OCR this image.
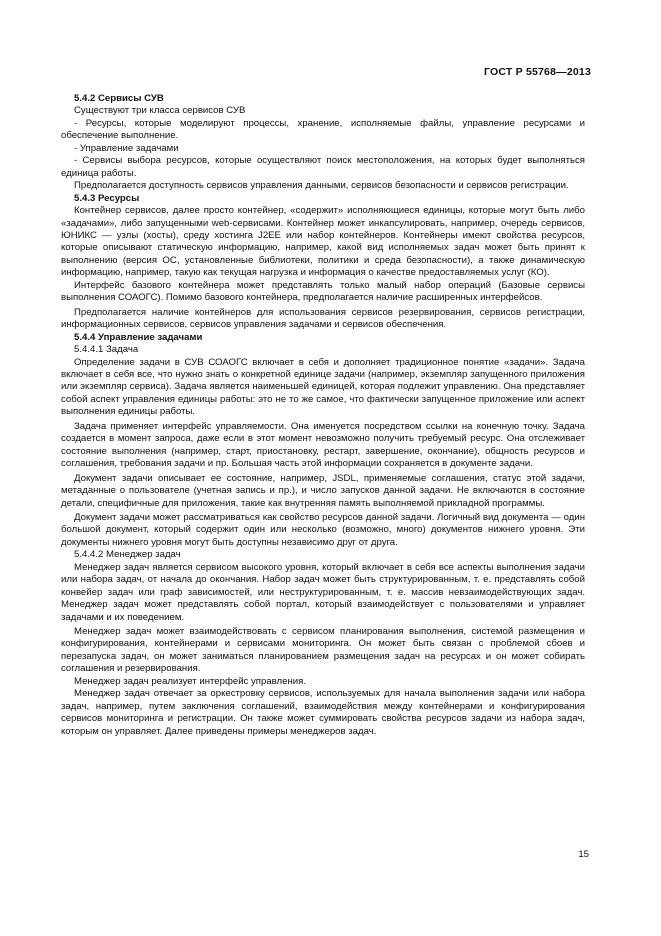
ГОСТ Р 55768—2013
5.4.2 Сервисы СУВ

Существуют три класса сервисов СУВ

- Ресурсы, которые моделируют процессы, хранение, исполняемые файлы, управление ресурсами и обеспечение выполнение.

- Управление задачами

- Сервисы выбора ресурсов, которые осуществляют поиск местоположения, на которых будет выполняться единица работы.

Предполагается доступность сервисов управления данными, сервисов безопасности и сервисов регистрации.

5.4.3 Ресурсы

Контейнер сервисов, далее просто контейнер, «содержит» исполняющиеся единицы, которые могут быть либо «задачами», либо запущенными web-сервисами. Контейнер может инкапсулировать, например, очередь сервисов, ЮНИКС — узлы (хосты), среду хостинга J2EE или набор контейнеров. Контейнеры имеют свойства ресурсов, которые описывают статическую информацию, например, какой вид исполняемых задач может быть принят к выполнению (версия ОС, установленные библиотеки, политики и среда безопасности), а также динамическую информацию, например, такую как текущая нагрузка и информация о качестве предоставляемых услуг (КО).

Интерфейс базового контейнера может представлять только малый набор операций (Базовые сервисы выполнения СОАОГС). Помимо базового контейнера, предполагается наличие расширенных интерфейсов.

Предполагается наличие контейнеров для использования сервисов резервирования, сервисов регистрации, информационных сервисов, сервисов управления задачами и сервисов обеспечения.

5.4.4 Управление задачами
5.4.4.1 Задача

Определение задачи в СУВ СОАОГС включает в себя и дополняет традиционное понятие «задачи». Задача включает в себя все, что нужно знать о конкретной единице задачи (например, экземпляр запущенного приложения или экземпляр сервиса). Задача является наименьшей единицей, которая подлежит управлению. Она представляет собой аспект управления единицы работы: это не то же самое, что фактически запущенное приложение или аспект выполнения единицы работы.

Задача применяет интерфейс управляемости. Она именуется посредством ссылки на конечную точку. Задача создается в момент запроса, даже если в этот момент невозможно получить требуемый ресурс. Она отслеживает состояние выполнения (например, старт, приостановку, рестарт, завершение, окончание), общность ресурсов и соглашения, требования задачи и пр. Большая часть этой информации сохраняется в документе задачи.

Документ задачи описывает ее состояние, например, JSDL, применяемые соглашения, статус этой задачи, метаданные о пользователе (учетная запись и пр.), и число запусков данной задачи. Не включаются в состояние детали, специфичные для приложения, такие как внутренняя память выполняемой прикладной программы.

Документ задачи может рассматриваться как свойство ресурсов данной задачи. Логичный вид документа — один большой документ, который содержит один или несколько (возможно, много) документов нижнего уровня. Эти документы нижнего уровня могут быть доступны независимо друг от друга.

5.4.4.2 Менеджер задач

Менеджер задач является сервисом высокого уровня, который включает в себя все аспекты выполнения задачи или набора задач, от начала до окончания. Набор задач может быть структурированным, т. е. представлять собой конвейер задач или граф зависимостей, или неструктурированным, т. е. массив невзаимодействующих задач. Менеджер задач может представлять собой портал, который взаимодействует с пользователями и управляет задачами и их поведением.

Менеджер задач может взаимодействовать с сервисом планирования выполнения, системой размещения и конфигурирования, контейнерами и сервисами мониторинга. Он может быть связан с проблемой сбоев и перезапуска задач, он может заниматься планированием размещения задач на ресурсах и он может собирать соглашения и резервирования.

Менеджер задач реализует интерфейс управления.

Менеджер задач отвечает за оркестровку сервисов, используемых для начала выполнения задачи или набора задач, например, путем заключения соглашений, взаимодействия между контейнерами и конфигурирования сервисов мониторинга и регистрации. Он также может суммировать свойства ресурсов задачи из набора задач, которым он управляет. Далее приведены примеры менеджеров задач.

15
